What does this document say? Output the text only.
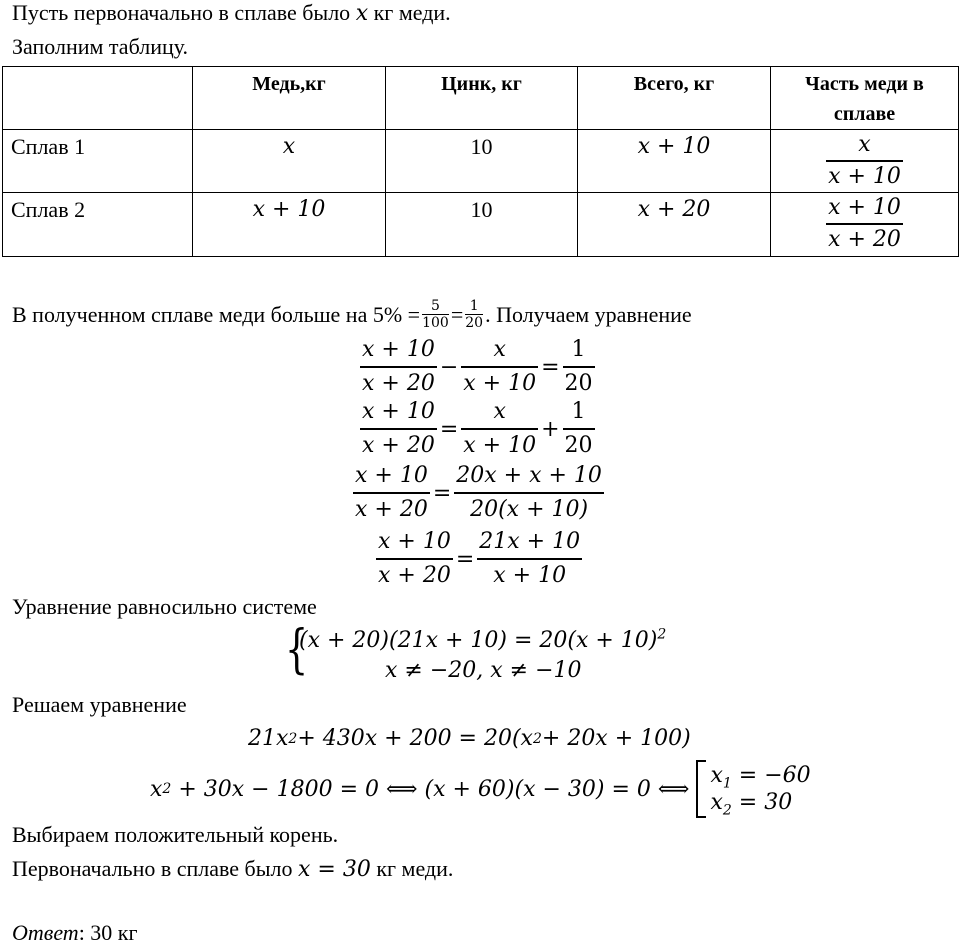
Пусть первоначально в сплаве было x кг меди.
Заполним таблицу.
	Медь,кг	Цинк, кг	Всего, кг	Часть меди в сплаве
Сплав 1	x	10	x + 10	$\frac{x}{x + 10}$

Сплав 2	x + 10	10	x + 20	$\frac{x + 10}{x + 20}$
В полученном сплаве меди больше на $5\% = \frac{5}{100} = \frac{1}{20}$ . Получаем уравнение
$\frac{x + 10}{x + 20} - \frac{x}{x + 10} = \frac{1}{20}$
$\frac{x + 10}{x + 20} = \frac{x}{x + 10} + \frac{1}{20}$
$\frac{x + 10}{x + 20} = \frac{20x + x + 10}{20(x + 10)}$
$\frac{x + 10}{x + 20} = \frac{21x + 10}{x + 10}$
Уравнение равносильно системе
{
$(x + 20)(21x + 10) = 20(x + 10)^2$
x ≠ −20, x ≠ −10
Решаем уравнение
21x 2 + 430x + 200 = 20(x 2 + 20x + 100)
x 2 + 30x − 1800 = 0 ⟺ (x + 60)(x − 30) = 0 ⟺
$x_1 = -60$
$x_2 = 30$
Выбираем положительный корень.
Первоначально в сплаве было x = 30 кг меди.
Ответ: 30 кг
